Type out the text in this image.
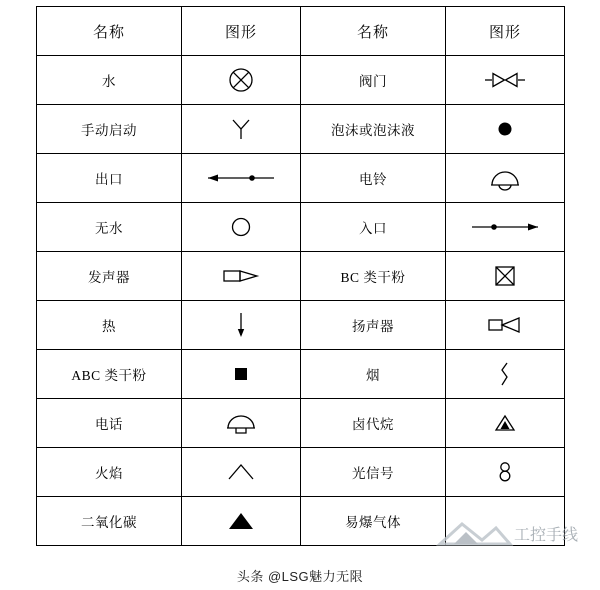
名称	图形	名称	图形
水		阀门	

手动启动		泡沫或泡沫液	

出口		电铃	

无水		入口	

发声器		BC 类干粉	

热		扬声器	

ABC 类干粉		烟	

电话		卤代烷	

火焰		光信号	

二氧化碳		易爆气体	
工控手线
头条 @LSG魅力无限
